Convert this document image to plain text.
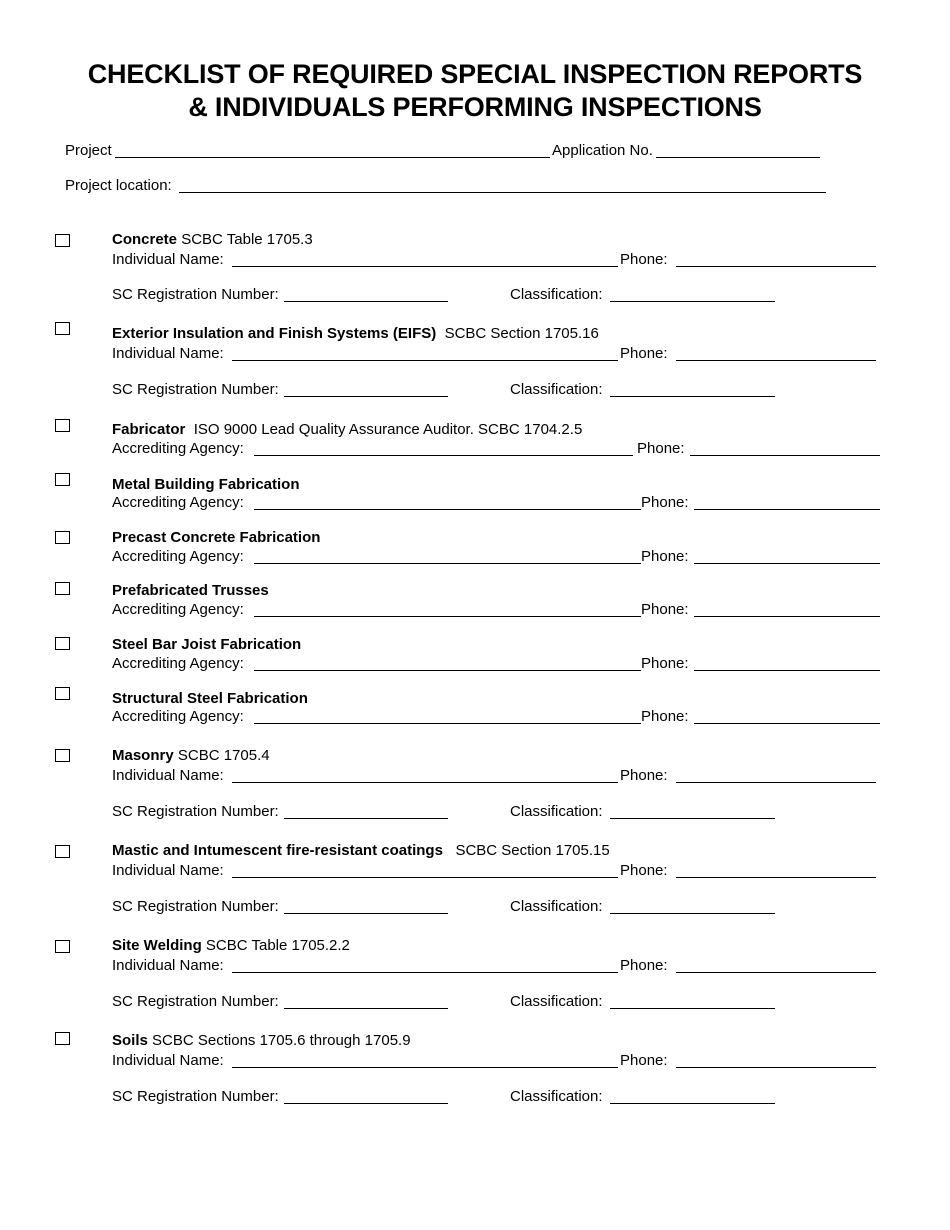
CHECKLIST OF REQUIRED SPECIAL INSPECTION REPORTS
& INDIVIDUALS PERFORMING INSPECTIONS
Project	Application No.
Project location:
Concrete SCBC Table 1705.3
Individual Name:	Phone:
SC Registration Number:	Classification:
Exterior Insulation and Finish Systems (EIFS) SCBC Section 1705.16
Individual Name:	Phone:
SC Registration Number:	Classification:
Fabricator ISO 9000 Lead Quality Assurance Auditor. SCBC 1704.2.5
Accrediting Agency:	Phone:
Metal Building Fabrication
Accrediting Agency:	Phone:
Precast Concrete Fabrication
Accrediting Agency:	Phone:
Prefabricated Trusses
Accrediting Agency:	Phone:
Steel Bar Joist Fabrication
Accrediting Agency:	Phone:
Structural Steel Fabrication
Accrediting Agency:	Phone:
Masonry SCBC 1705.4
Individual Name:	Phone:
SC Registration Number:	Classification:
Mastic and Intumescent fire-resistant coatings SCBC Section 1705.15
Individual Name:	Phone:
SC Registration Number:	Classification:
Site Welding SCBC Table 1705.2.2
Individual Name:	Phone:
SC Registration Number:	Classification:
Soils SCBC Sections 1705.6 through 1705.9
Individual Name:	Phone:
SC Registration Number:	Classification:
